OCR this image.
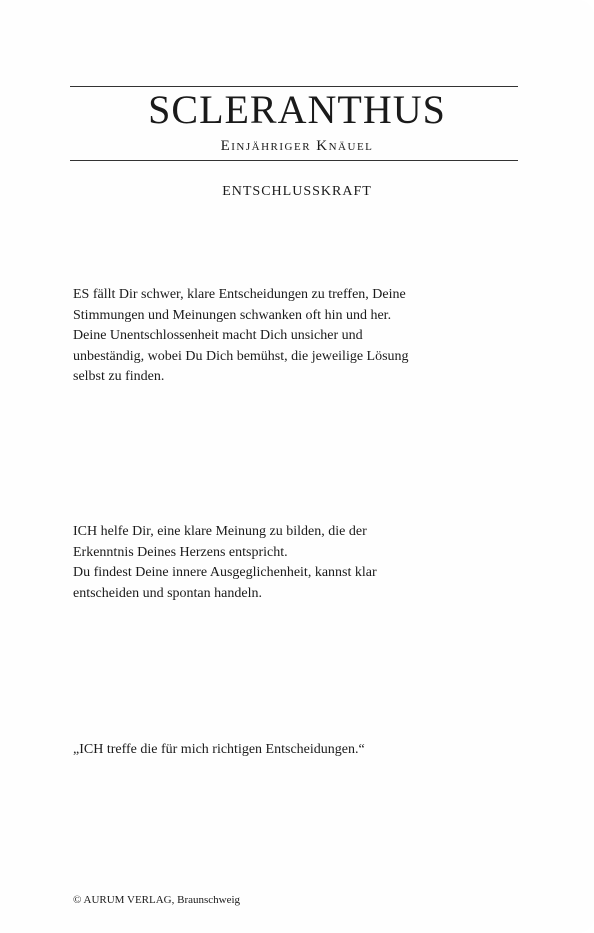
SCLERANTHUS
Einjähriger Knäuel
ENTSCHLUSSKRAFT

ES fällt Dir schwer, klare Entscheidungen zu treffen, Deine
Stimmungen und Meinungen schwanken oft hin und her.
Deine Unentschlossenheit macht Dich unsicher und
unbeständig, wobei Du Dich bemühst, die jeweilige Lösung
selbst zu finden.

ICH helfe Dir, eine klare Meinung zu bilden, die der
Erkenntnis Deines Herzens entspricht.
Du findest Deine innere Ausgeglichenheit, kannst klar
entscheiden und spontan handeln.

„ICH treffe die für mich richtigen Entscheidungen.“
© AURUM VERLAG, Braunschweig
